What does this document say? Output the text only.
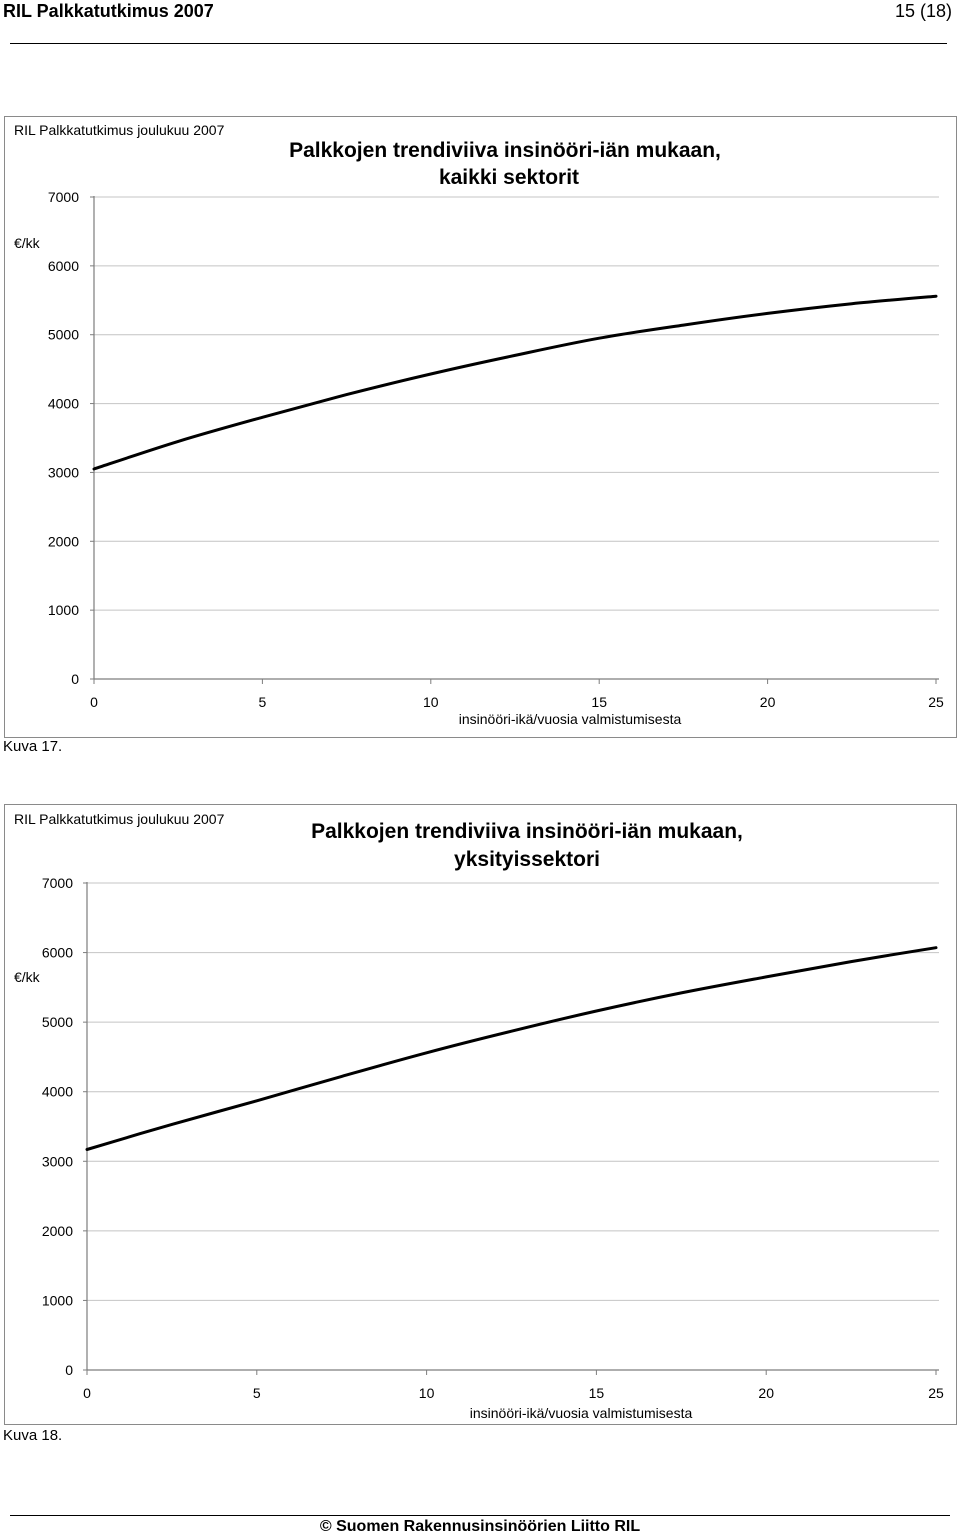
RIL Palkkatutkimus 2007	15 (18)
RIL Palkkatutkimus joulukuu 2007
Palkkojen trendiviiva insinööri-iän mukaan,
kaikki sektorit
0
1000
2000
3000
4000
5000
6000
7000
0	5	10	15	20	25
€/kk
insinööri-ikä/vuosia valmistumisesta
Kuva 17.
RIL Palkkatutkimus joulukuu 2007
Palkkojen trendiviiva insinööri-iän mukaan,
yksityissektori
0
1000
2000
3000
4000
5000
6000
7000
0	5	10	15	20	25
€/kk
insinööri-ikä/vuosia valmistumisesta
Kuva 18.
© Suomen Rakennusinsinöörien Liitto RIL
